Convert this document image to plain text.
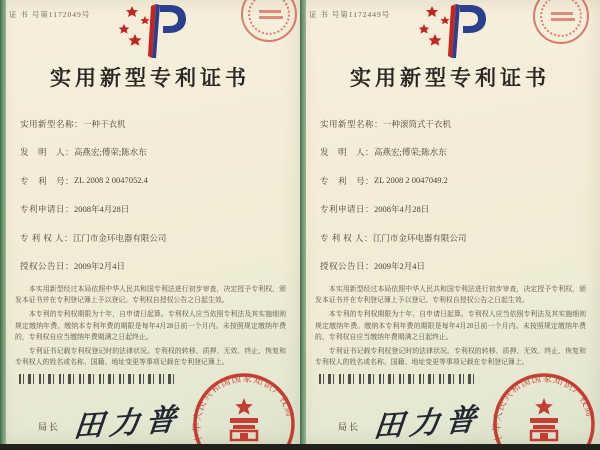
证 书 号第1172049号
实用新型专利证书
实用新型名称： 一种干衣机
发　明　人： 高燕宏;傅荣;陈水东
专　利　号： ZL 2008 2 0047052.4
专利申请日： 2008年4月28日
专 利 权 人： 江门市金环电器有限公司
授权公告日： 2009年2月4日

本实用新型经过本局依照中华人民共和国专利法进行初步审查，决定授予专利权，颁发本证书并在专利登记簿上予以登记。专利权自授权公告之日起生效。

本专利的专利权期限为十年，自申请日起算。专利权人应当依照专利法及其实施细则规定缴纳年费。缴纳本专利年费的期限是每年4月28日前一个月内。未按照规定缴纳年费的，专利权自应当缴纳年费期满之日起终止。

专利证书记载专利权登记时的法律状况。专利权的转移、质押、无效、终止、恢复和专利权人的姓名或名称、国籍、地址变更等事项记载在专利登记簿上。

局长 田力普 中华人民共和国国家知识产权局
证 书 号第1172449号
实用新型专利证书
实用新型名称： 一种滚筒式干衣机
发　明　人： 高燕宏;傅荣;陈水东
专　利　号： ZL 2008 2 0047049.2
专利申请日： 2008年4月28日
专 利 权 人： 江门市金环电器有限公司
授权公告日： 2009年2月4日

本实用新型经过本局依照中华人民共和国专利法进行初步审查，决定授予专利权，颁发本证书并在专利登记簿上予以登记。专利权自授权公告之日起生效。

本专利的专利权期限为十年，自申请日起算。专利权人应当依照专利法及其实施细则规定缴纳年费。缴纳本专利年费的期限是每年4月28日前一个月内。未按照规定缴纳年费的，专利权自应当缴纳年费期满之日起终止。

专利证书记载专利权登记时的法律状况。专利权的转移、质押、无效、终止、恢复和专利权人的姓名或名称、国籍、地址变更等事项记载在专利登记簿上。

局长 田力普 中华人民共和国国家知识产权局
